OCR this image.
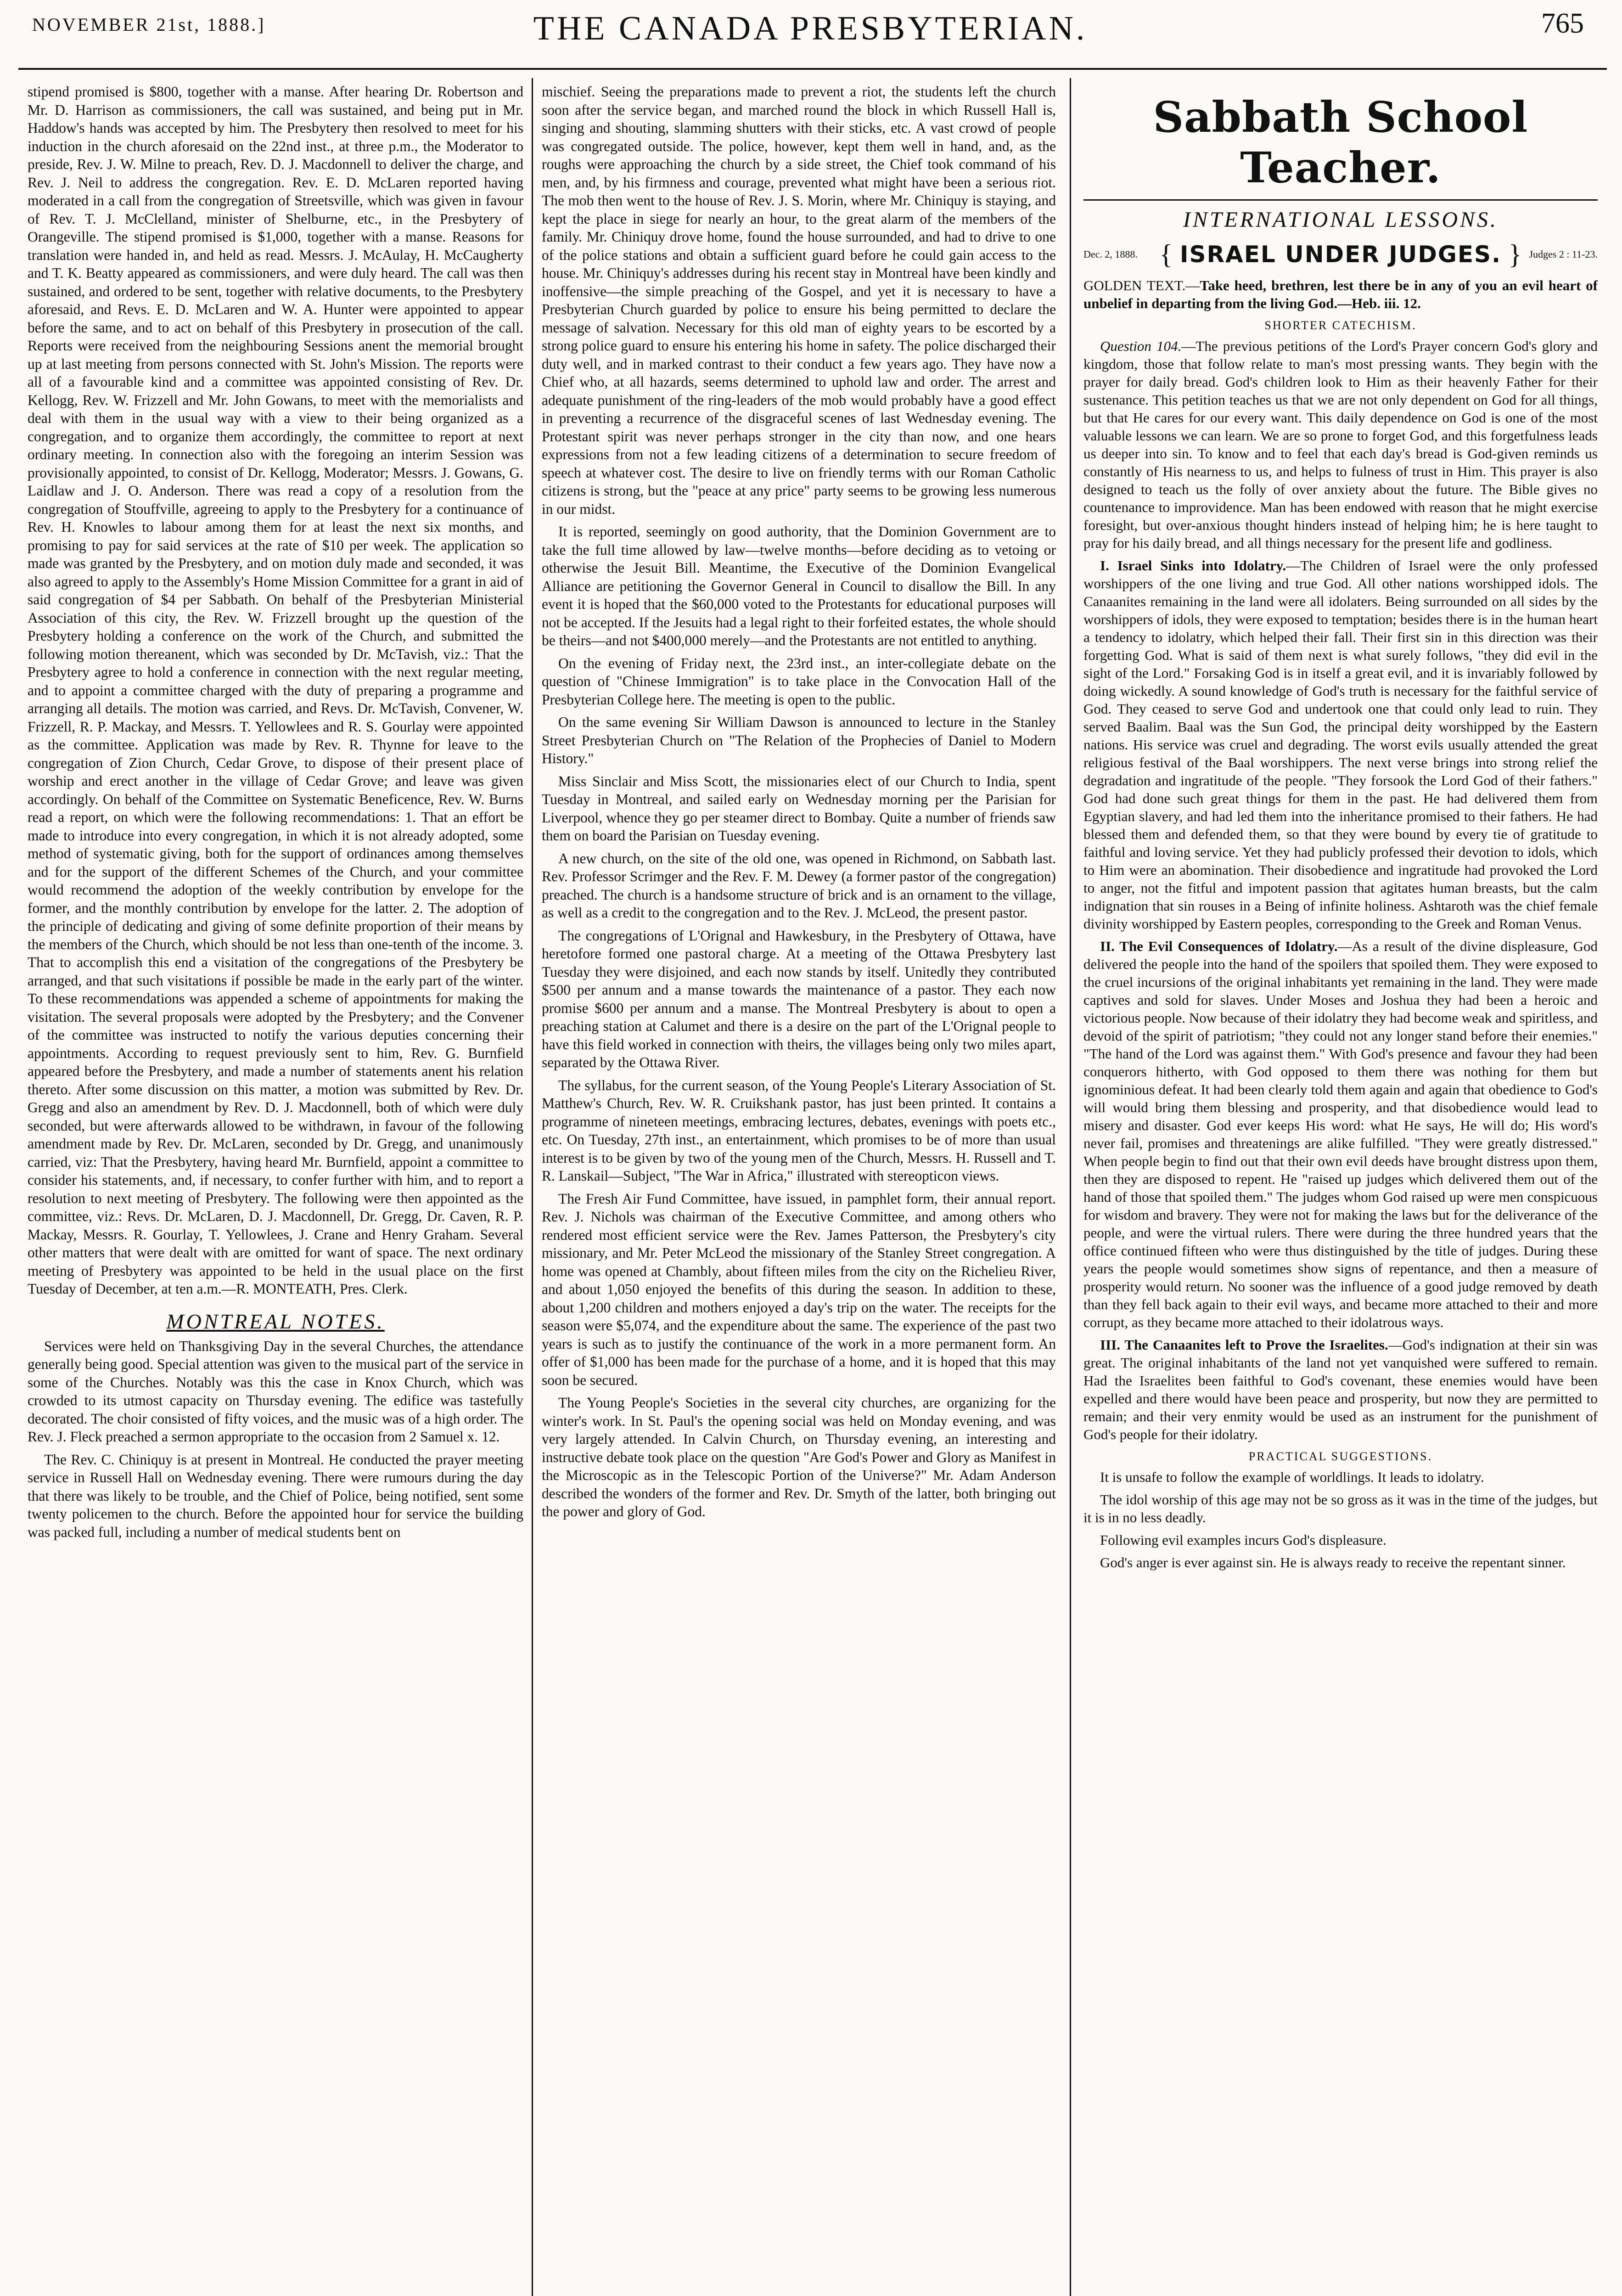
NOVEMBER 21st, 1888.]	THE CANADA PRESBYTERIAN.	765

stipend promised is $800, together with a manse. After hearing Dr. Robertson and Mr. D. Harrison as commissioners, the call was sustained, and being put in Mr. Haddow's hands was accepted by him. The Presbytery then resolved to meet for his induction in the church aforesaid on the 22nd inst., at three p.m., the Moderator to preside, Rev. J. W. Milne to preach, Rev. D. J. Macdonnell to deliver the charge, and Rev. J. Neil to address the congregation. Rev. E. D. McLaren reported having moderated in a call from the congregation of Streetsville, which was given in favour of Rev. T. J. McClelland, minister of Shelburne, etc., in the Presbytery of Orangeville. The stipend promised is $1,000, together with a manse. Reasons for translation were handed in, and held as read. Messrs. J. McAulay, H. McCaugherty and T. K. Beatty appeared as commissioners, and were duly heard. The call was then sustained, and ordered to be sent, together with relative documents, to the Presbytery aforesaid, and Revs. E. D. McLaren and W. A. Hunter were appointed to appear before the same, and to act on behalf of this Presbytery in prosecution of the call. Reports were received from the neighbouring Sessions anent the memorial brought up at last meeting from persons connected with St. John's Mission. The reports were all of a favourable kind and a committee was appointed consisting of Rev. Dr. Kellogg, Rev. W. Frizzell and Mr. John Gowans, to meet with the memorialists and deal with them in the usual way with a view to their being organized as a congregation, and to organize them accordingly, the committee to report at next ordinary meeting. In connection also with the foregoing an interim Session was provisionally appointed, to consist of Dr. Kellogg, Moderator; Messrs. J. Gowans, G. Laidlaw and J. O. Anderson. There was read a copy of a resolution from the congregation of Stouffville, agreeing to apply to the Presbytery for a continuance of Rev. H. Knowles to labour among them for at least the next six months, and promising to pay for said services at the rate of $10 per week. The application so made was granted by the Presbytery, and on motion duly made and seconded, it was also agreed to apply to the Assembly's Home Mission Committee for a grant in aid of said congregation of $4 per Sabbath. On behalf of the Presbyterian Ministerial Association of this city, the Rev. W. Frizzell brought up the question of the Presbytery holding a conference on the work of the Church, and submitted the following motion thereanent, which was seconded by Dr. McTavish, viz.: That the Presbytery agree to hold a conference in connection with the next regular meeting, and to appoint a committee charged with the duty of preparing a programme and arranging all details. The motion was carried, and Revs. Dr. McTavish, Convener, W. Frizzell, R. P. Mackay, and Messrs. T. Yellowlees and R. S. Gourlay were appointed as the committee. Application was made by Rev. R. Thynne for leave to the congregation of Zion Church, Cedar Grove, to dispose of their present place of worship and erect another in the village of Cedar Grove; and leave was given accordingly. On behalf of the Committee on Systematic Beneficence, Rev. W. Burns read a report, on which were the following recommendations: 1. That an effort be made to introduce into every congregation, in which it is not already adopted, some method of systematic giving, both for the support of ordinances among themselves and for the support of the different Schemes of the Church, and your committee would recommend the adoption of the weekly contribution by envelope for the former, and the monthly contribution by envelope for the latter. 2. The adoption of the principle of dedicating and giving of some definite proportion of their means by the members of the Church, which should be not less than one-tenth of the income. 3. That to accomplish this end a visitation of the congregations of the Presbytery be arranged, and that such visitations if possible be made in the early part of the winter. To these recommendations was appended a scheme of appointments for making the visitation. The several proposals were adopted by the Presbytery; and the Convener of the committee was instructed to notify the various deputies concerning their appointments. According to request previously sent to him, Rev. G. Burnfield appeared before the Presbytery, and made a number of statements anent his relation thereto. After some discussion on this matter, a motion was submitted by Rev. Dr. Gregg and also an amendment by Rev. D. J. Macdonnell, both of which were duly seconded, but were afterwards allowed to be withdrawn, in favour of the following amendment made by Rev. Dr. McLaren, seconded by Dr. Gregg, and unanimously carried, viz: That the Presbytery, having heard Mr. Burnfield, appoint a committee to consider his statements, and, if necessary, to confer further with him, and to report a resolution to next meeting of Presbytery. The following were then appointed as the committee, viz.: Revs. Dr. McLaren, D. J. Macdonnell, Dr. Gregg, Dr. Caven, R. P. Mackay, Messrs. R. Gourlay, T. Yellowlees, J. Crane and Henry Graham. Several other matters that were dealt with are omitted for want of space. The next ordinary meeting of Presbytery was appointed to be held in the usual place on the first Tuesday of December, at ten a.m.—R. MONTEATH, Pres. Clerk.

MONTREAL NOTES.

Services were held on Thanksgiving Day in the several Churches, the attendance generally being good. Special attention was given to the musical part of the service in some of the Churches. Notably was this the case in Knox Church, which was crowded to its utmost capacity on Thursday evening. The edifice was tastefully decorated. The choir consisted of fifty voices, and the music was of a high order. The Rev. J. Fleck preached a sermon appropriate to the occasion from 2 Samuel x. 12.

The Rev. C. Chiniquy is at present in Montreal. He conducted the prayer meeting service in Russell Hall on Wednesday evening. There were rumours during the day that there was likely to be trouble, and the Chief of Police, being notified, sent some twenty policemen to the church. Before the appointed hour for service the building was packed full, including a number of medical students bent on

mischief. Seeing the preparations made to prevent a riot, the students left the church soon after the service began, and marched round the block in which Russell Hall is, singing and shouting, slamming shutters with their sticks, etc. A vast crowd of people was congregated outside. The police, however, kept them well in hand, and, as the roughs were approaching the church by a side street, the Chief took command of his men, and, by his firmness and courage, prevented what might have been a serious riot. The mob then went to the house of Rev. J. S. Morin, where Mr. Chiniquy is staying, and kept the place in siege for nearly an hour, to the great alarm of the members of the family. Mr. Chiniquy drove home, found the house surrounded, and had to drive to one of the police stations and obtain a sufficient guard before he could gain access to the house. Mr. Chiniquy's addresses during his recent stay in Montreal have been kindly and inoffensive—the simple preaching of the Gospel, and yet it is necessary to have a Presbyterian Church guarded by police to ensure his being permitted to declare the message of salvation. Necessary for this old man of eighty years to be escorted by a strong police guard to ensure his entering his home in safety. The police discharged their duty well, and in marked contrast to their conduct a few years ago. They have now a Chief who, at all hazards, seems determined to uphold law and order. The arrest and adequate punishment of the ring-leaders of the mob would probably have a good effect in preventing a recurrence of the disgraceful scenes of last Wednesday evening. The Protestant spirit was never perhaps stronger in the city than now, and one hears expressions from not a few leading citizens of a determination to secure freedom of speech at whatever cost. The desire to live on friendly terms with our Roman Catholic citizens is strong, but the "peace at any price" party seems to be growing less numerous in our midst.

It is reported, seemingly on good authority, that the Dominion Government are to take the full time allowed by law—twelve months—before deciding as to vetoing or otherwise the Jesuit Bill. Meantime, the Executive of the Dominion Evangelical Alliance are petitioning the Governor General in Council to disallow the Bill. In any event it is hoped that the $60,000 voted to the Protestants for educational purposes will not be accepted. If the Jesuits had a legal right to their forfeited estates, the whole should be theirs—and not $400,000 merely—and the Protestants are not entitled to anything.

On the evening of Friday next, the 23rd inst., an inter-collegiate debate on the question of "Chinese Immigration" is to take place in the Convocation Hall of the Presbyterian College here. The meeting is open to the public.

On the same evening Sir William Dawson is announced to lecture in the Stanley Street Presbyterian Church on "The Relation of the Prophecies of Daniel to Modern History."

Miss Sinclair and Miss Scott, the missionaries elect of our Church to India, spent Tuesday in Montreal, and sailed early on Wednesday morning per the Parisian for Liverpool, whence they go per steamer direct to Bombay. Quite a number of friends saw them on board the Parisian on Tuesday evening.

A new church, on the site of the old one, was opened in Richmond, on Sabbath last. Rev. Professor Scrimger and the Rev. F. M. Dewey (a former pastor of the congregation) preached. The church is a handsome structure of brick and is an ornament to the village, as well as a credit to the congregation and to the Rev. J. McLeod, the present pastor.

The congregations of L'Orignal and Hawkesbury, in the Presbytery of Ottawa, have heretofore formed one pastoral charge. At a meeting of the Ottawa Presbytery last Tuesday they were disjoined, and each now stands by itself. Unitedly they contributed $500 per annum and a manse towards the maintenance of a pastor. They each now promise $600 per annum and a manse. The Montreal Presbytery is about to open a preaching station at Calumet and there is a desire on the part of the L'Orignal people to have this field worked in connection with theirs, the villages being only two miles apart, separated by the Ottawa River.

The syllabus, for the current season, of the Young People's Literary Association of St. Matthew's Church, Rev. W. R. Cruikshank pastor, has just been printed. It contains a programme of nineteen meetings, embracing lectures, debates, evenings with poets etc., etc. On Tuesday, 27th inst., an entertainment, which promises to be of more than usual interest is to be given by two of the young men of the Church, Messrs. H. Russell and T. R. Lanskail—Subject, "The War in Africa," illustrated with stereopticon views.

The Fresh Air Fund Committee, have issued, in pamphlet form, their annual report. Rev. J. Nichols was chairman of the Executive Committee, and among others who rendered most efficient service were the Rev. James Patterson, the Presbytery's city missionary, and Mr. Peter McLeod the missionary of the Stanley Street congregation. A home was opened at Chambly, about fifteen miles from the city on the Richelieu River, and about 1,050 enjoyed the benefits of this during the season. In addition to these, about 1,200 children and mothers enjoyed a day's trip on the water. The receipts for the season were $5,074, and the expenditure about the same. The experience of the past two years is such as to justify the continuance of the work in a more permanent form. An offer of $1,000 has been made for the purchase of a home, and it is hoped that this may soon be secured.

The Young People's Societies in the several city churches, are organizing for the winter's work. In St. Paul's the opening social was held on Monday evening, and was very largely attended. In Calvin Church, on Thursday evening, an interesting and instructive debate took place on the question "Are God's Power and Glory as Manifest in the Microscopic as in the Telescopic Portion of the Universe?" Mr. Adam Anderson described the wonders of the former and Rev. Dr. Smyth of the latter, both bringing out the power and glory of God.

Sabbath School Teacher.
INTERNATIONAL LESSONS.
Dec. 2, 1888. { ISRAEL UNDER JUDGES. } Judges 2 : 11-23.

GOLDEN TEXT.—Take heed, brethren, lest there be in any of you an evil heart of unbelief in departing from the living God.—Heb. iii. 12.

SHORTER CATECHISM.

Question 104.—The previous petitions of the Lord's Prayer concern God's glory and kingdom, those that follow relate to man's most pressing wants. They begin with the prayer for daily bread. God's children look to Him as their heavenly Father for their sustenance. This petition teaches us that we are not only dependent on God for all things, but that He cares for our every want. This daily dependence on God is one of the most valuable lessons we can learn. We are so prone to forget God, and this forgetfulness leads us deeper into sin. To know and to feel that each day's bread is God-given reminds us constantly of His nearness to us, and helps to fulness of trust in Him. This prayer is also designed to teach us the folly of over anxiety about the future. The Bible gives no countenance to improvidence. Man has been endowed with reason that he might exercise foresight, but over-anxious thought hinders instead of helping him; he is here taught to pray for his daily bread, and all things necessary for the present life and godliness.

I. Israel Sinks into Idolatry.—The Children of Israel were the only professed worshippers of the one living and true God. All other nations worshipped idols. The Canaanites remaining in the land were all idolaters. Being surrounded on all sides by the worshippers of idols, they were exposed to temptation; besides there is in the human heart a tendency to idolatry, which helped their fall. Their first sin in this direction was their forgetting God. What is said of them next is what surely follows, "they did evil in the sight of the Lord." Forsaking God is in itself a great evil, and it is invariably followed by doing wickedly. A sound knowledge of God's truth is necessary for the faithful service of God. They ceased to serve God and undertook one that could only lead to ruin. They served Baalim. Baal was the Sun God, the principal deity worshipped by the Eastern nations. His service was cruel and degrading. The worst evils usually attended the great religious festival of the Baal worshippers. The next verse brings into strong relief the degradation and ingratitude of the people. "They forsook the Lord God of their fathers." God had done such great things for them in the past. He had delivered them from Egyptian slavery, and had led them into the inheritance promised to their fathers. He had blessed them and defended them, so that they were bound by every tie of gratitude to faithful and loving service. Yet they had publicly professed their devotion to idols, which to Him were an abomination. Their disobedience and ingratitude had provoked the Lord to anger, not the fitful and impotent passion that agitates human breasts, but the calm indignation that sin rouses in a Being of infinite holiness. Ashtaroth was the chief female divinity worshipped by Eastern peoples, corresponding to the Greek and Roman Venus.

II. The Evil Consequences of Idolatry.—As a result of the divine displeasure, God delivered the people into the hand of the spoilers that spoiled them. They were exposed to the cruel incursions of the original inhabitants yet remaining in the land. They were made captives and sold for slaves. Under Moses and Joshua they had been a heroic and victorious people. Now because of their idolatry they had become weak and spiritless, and devoid of the spirit of patriotism; "they could not any longer stand before their enemies." "The hand of the Lord was against them." With God's presence and favour they had been conquerors hitherto, with God opposed to them there was nothing for them but ignominious defeat. It had been clearly told them again and again that obedience to God's will would bring them blessing and prosperity, and that disobedience would lead to misery and disaster. God ever keeps His word: what He says, He will do; His word's never fail, promises and threatenings are alike fulfilled. "They were greatly distressed." When people begin to find out that their own evil deeds have brought distress upon them, then they are disposed to repent. He "raised up judges which delivered them out of the hand of those that spoiled them." The judges whom God raised up were men conspicuous for wisdom and bravery. They were not for making the laws but for the deliverance of the people, and were the virtual rulers. There were during the three hundred years that the office continued fifteen who were thus distinguished by the title of judges. During these years the people would sometimes show signs of repentance, and then a measure of prosperity would return. No sooner was the influence of a good judge removed by death than they fell back again to their evil ways, and became more attached to their and more corrupt, as they became more attached to their idolatrous ways.

III. The Canaanites left to Prove the Israelites.—God's indignation at their sin was great. The original inhabitants of the land not yet vanquished were suffered to remain. Had the Israelites been faithful to God's covenant, these enemies would have been expelled and there would have been peace and prosperity, but now they are permitted to remain; and their very enmity would be used as an instrument for the punishment of God's people for their idolatry.

PRACTICAL SUGGESTIONS.

It is unsafe to follow the example of worldlings. It leads to idolatry.

The idol worship of this age may not be so gross as it was in the time of the judges, but it is in no less deadly.

Following evil examples incurs God's displeasure.

God's anger is ever against sin. He is always ready to receive the repentant sinner.
